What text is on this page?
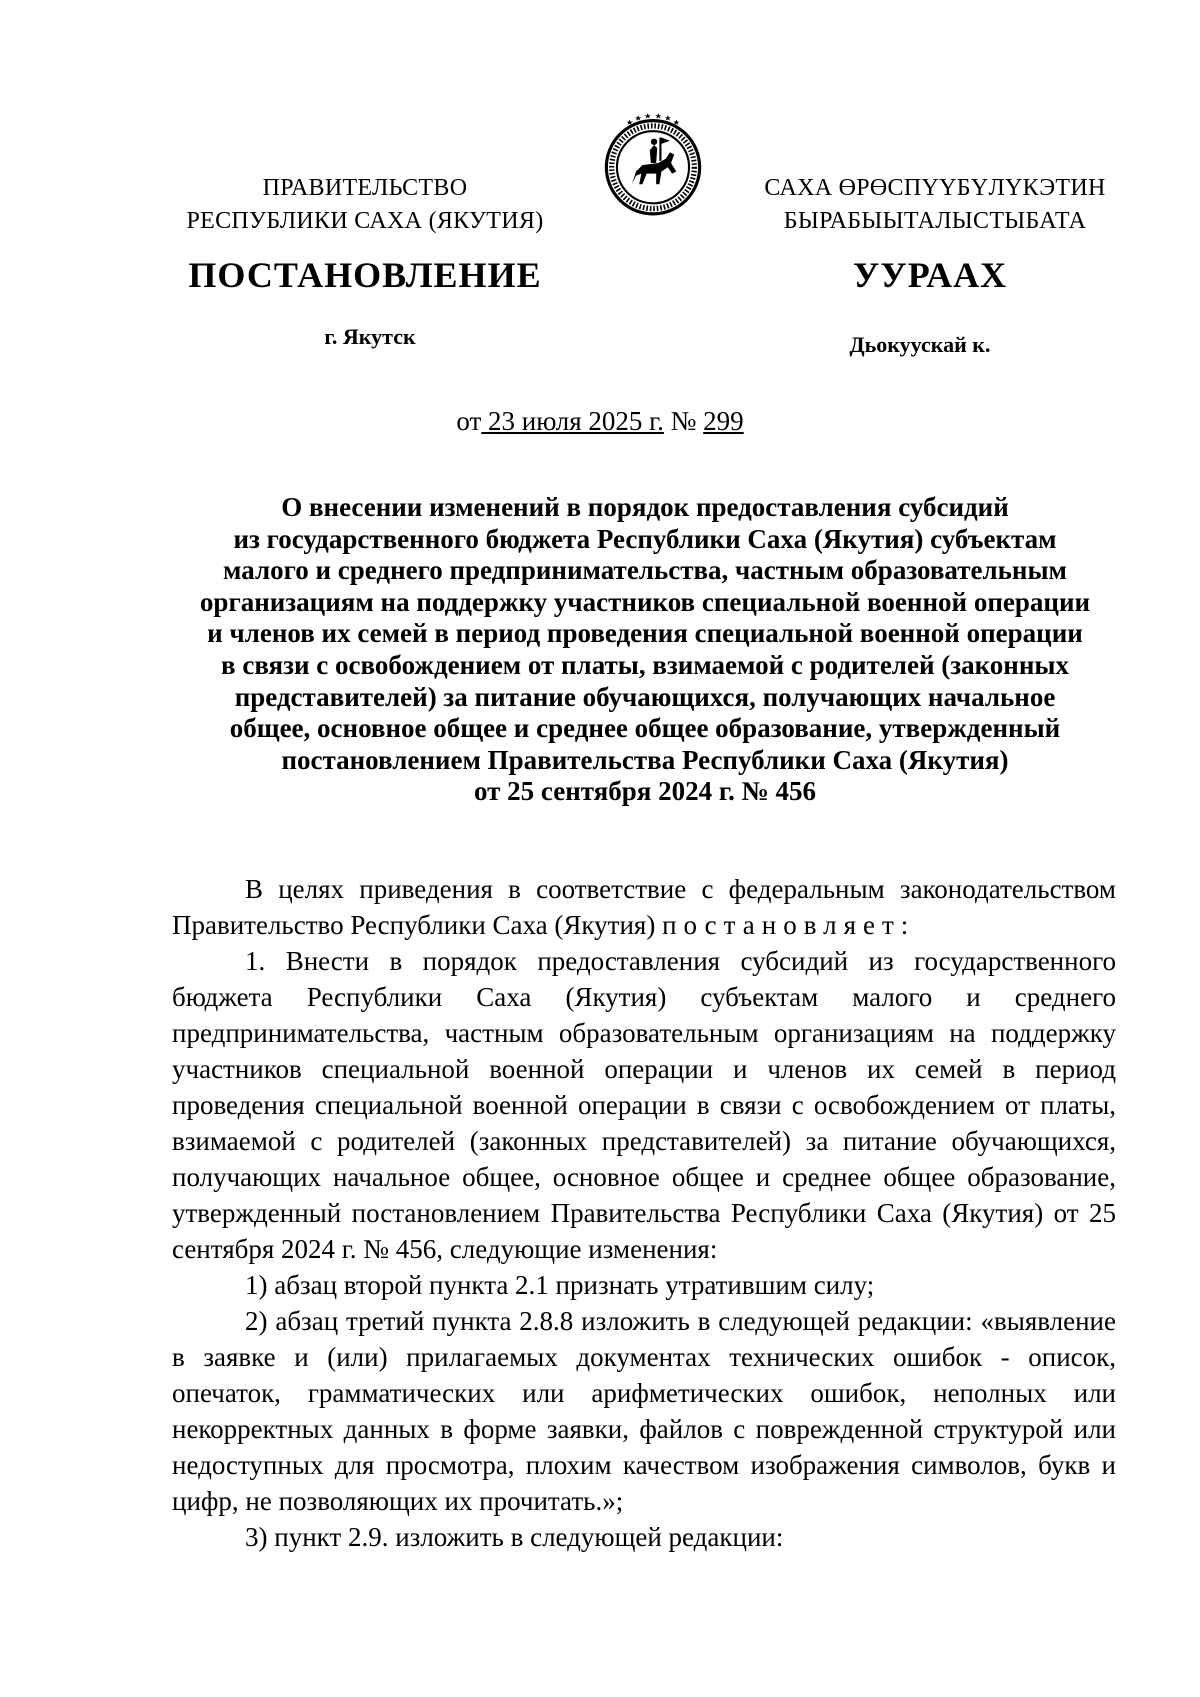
ПРАВИТЕЛЬСТВО
РЕСПУБЛИКИ САХА (ЯКУТИЯ)
САХА ӨРӨСПҮҮБҮЛҮКЭТИН
БЫРАБЫЫТАЛЫСТЫБАТА
ПОСТАНОВЛЕНИЕ	УУРААХ
г. Якутск	Дьокуускай к.
от 23 июля 2025 г. № 299
О внесении изменений в порядок предоставления субсидий
из государственного бюджета Республики Саха (Якутия) субъектам
малого и среднего предпринимательства, частным образовательным
организациям на поддержку участников специальной военной операции
и членов их семей в период проведения специальной военной операции
в связи с освобождением от платы, взимаемой с родителей (законных
представителей) за питание обучающихся, получающих начальное
общее, основное общее и среднее общее образование, утвержденный
постановлением Правительства Республики Саха (Якутия)
от 25 сентября 2024 г. № 456

В целях приведения в соответствие с федеральным законодательством Правительство Республики Саха (Якутия) постановляет:

1. Внести в порядок предоставления субсидий из государственного бюджета Республики Саха (Якутия) субъектам малого и среднего предпринимательства, частным образовательным организациям на поддержку участников специальной военной операции и членов их семей в период проведения специальной военной операции в связи с освобождением от платы, взимаемой с родителей (законных представителей) за питание обучающихся, получающих начальное общее, основное общее и среднее общее образование, утвержденный постановлением Правительства Республики Саха (Якутия) от 25 сентября 2024 г. № 456, следующие изменения:

1) абзац второй пункта 2.1 признать утратившим силу;

2) абзац третий пункта 2.8.8 изложить в следующей редакции: «выявление в заявке и (или) прилагаемых документах технических ошибок - описок, опечаток, грамматических или арифметических ошибок, неполных или некорректных данных в форме заявки, файлов с поврежденной структурой или недоступных для просмотра, плохим качеством изображения символов, букв и цифр, не позволяющих их прочитать.»;

3) пункт 2.9. изложить в следующей редакции:
